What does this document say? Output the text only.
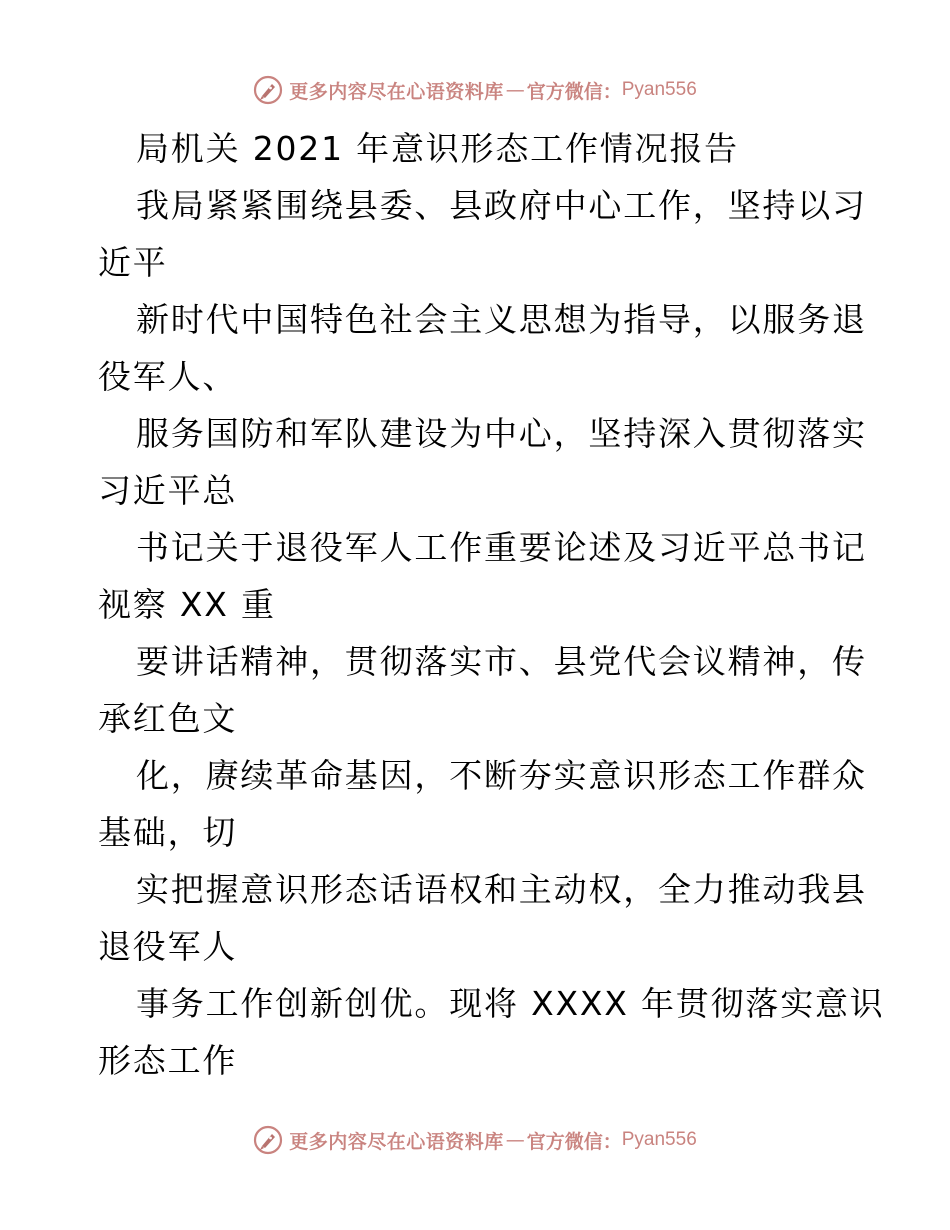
更多内容尽在心语资料库 — 官方微信： Pyan556
局机关 2021 年意识形态工作情况报告
我局紧紧围绕县委、县政府中心工作，坚持以习
近平
新时代中国特色社会主义思想为指导，以服务退
役军人、
服务国防和军队建设为中心，坚持深入贯彻落实
习近平总
书记关于退役军人工作重要论述及习近平总书记
视察 XX 重
要讲话精神，贯彻落实市、县党代会议精神，传
承红色文
化，赓续革命基因，不断夯实意识形态工作群众
基础，切
实把握意识形态话语权和主动权，全力推动我县
退役军人
事务工作创新创优。现将 XXXX 年贯彻落实意识
形态工作
更多内容尽在心语资料库 — 官方微信： Pyan556
